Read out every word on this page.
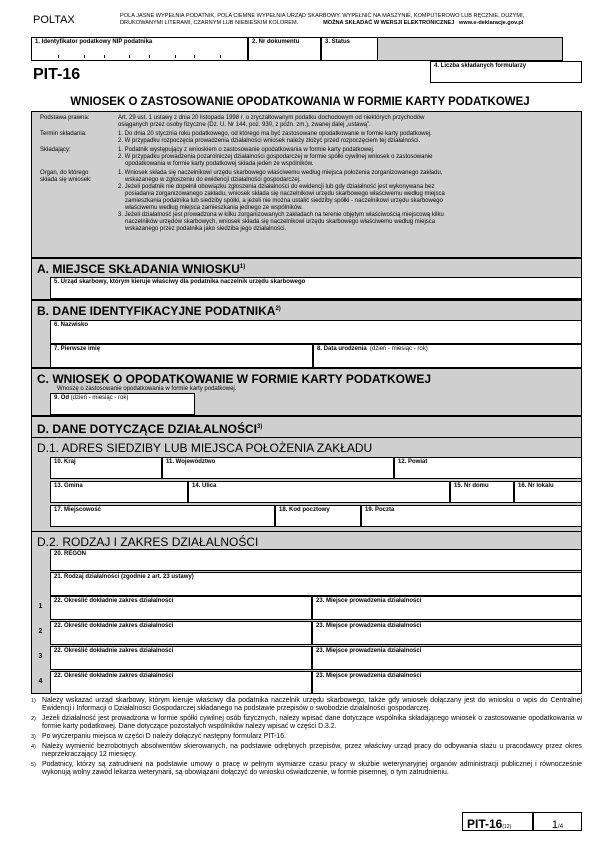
POLTAX	POLA JASNE WYPEŁNIA PODATNIK, POLA CIEMNE WYPEŁNIA URZĄD SKARBOWY. WYPEŁNIĆ NA MASZYNIE, KOMPUTEROWO LUB RĘCZNIE, DUŻYMI,
DRUKOWANYMI LITERAMI, CZARNYM LUB NIEBIESKIM KOLOREM.	MOŻNA SKŁADAĆ W WERSJI ELEKTRONICZNEJ www.e-deklaracje.gov.pl
1. Identyfikator podatkowy NIP podatnika	2. Nr dokumentu	3. Status
PIT-16	4. Liczba składanych formularzy
WNIOSEK O ZASTOSOWANIE OPODATKOWANIA W FORMIE KARTY PODATKOWEJ
Podstawa prawna:	Art. 29 ust. 1 ustawy z dnia 20 listopada 1998 r. o zryczałtowanym podatku dochodowym od niektórych przychodów
osiąganych przez osoby fizyczne (Dz. U. Nr 144, poz. 930, z późn. zm.), zwanej dalej „ustawą”.
Termin składania:	1. Do dnia 20 stycznia roku podatkowego, od którego ma być zastosowane opodatkowanie w formie karty podatkowej.
2. W przypadku rozpoczęcia prowadzenia działalności wniosek należy złożyć przed rozpoczęciem tej działalności.
Składający:	1. Podatnik występujący z wnioskiem o zastosowanie opodatkowania w formie karty podatkowej.
2. W przypadku prowadzenia pozarolniczej działalności gospodarczej w formie spółki cywilnej wniosek o zastosowanie
opodatkowania w formie karty podatkowej składa jeden ze wspólników.
Organ, do którego
składa się wniosek:
1. Wniosek składa się naczelnikowi urzędu skarbowego właściwemu według miejsca położenia zorganizowanego zakładu,
wskazanego w zgłoszeniu do ewidencji działalności gospodarczej.
2. Jeżeli podatnik nie dopełnił obowiązku zgłoszenia działalności do ewidencji lub gdy działalność jest wykonywana bez
posiadania zorganizowanego zakładu, wniosek składa się naczelnikowi urzędu skarbowego właściwemu według miejsca
zamieszkania podatnika lub siedziby spółki, a jeżeli nie można ustalić siedziby spółki - naczelnikowi urzędu skarbowego
właściwemu według miejsca zamieszkania jednego ze wspólników.
3. Jeżeli działalność jest prowadzona w kilku zorganizowanych zakładach na terenie objętym właściwością miejscową kilku
naczelników urzędów skarbowych, wniosek składa się naczelnikowi urzędu skarbowego właściwemu według miejsca
wskazanego przez podatnika jako siedziba jego działalności.
A. MIEJSCE SKŁADANIA WNIOSKU$^{1)}$
5. Urząd skarbowy, którym kieruje właściwy dla podatnika naczelnik urzędu skarbowego
B. DANE IDENTYFIKACYJNE PODATNIKA$^{2)}$
6. Nazwisko
7. Pierwsze imię	8. Data urodzenia (dzień - miesiąc - rok)
C. WNIOSEK O OPODATKOWANIE W FORMIE KARTY PODATKOWEJ
Wnoszę o zastosowanie opodatkowania w formie karty podatkowej.
9. Od (dzień - miesiąc - rok)
D. DANE DOTYCZĄCE DZIAŁALNOŚCI$^{3)}$
D.1. ADRES SIEDZIBY LUB MIEJSCA POŁOŻENIA ZAKŁADU
10. Kraj	11. Województwo	12. Powiat
13. Gmina	14. Ulica	15. Nr domu	16. Nr lokalu
17. Miejscowość	18. Kod pocztowy	19. Poczta
D.2. RODZAJ I ZAKRES DZIAŁALNOŚCI
20. REGON
21. Rodzaj działalności (zgodnie z art. 23 ustawy)
1
22. Określić dokładnie zakres działalności	23. Miejsce prowadzenia działalności
2
22. Określić dokładnie zakres działalności	23. Miejsce prowadzenia działalności
3
22. Określić dokładnie zakres działalności	23. Miejsce prowadzenia działalności
4
22. Określić dokładnie zakres działalności	23. Miejsce prowadzenia działalności
1) Należy wskazać urząd skarbowy, którym kieruje właściwy dla podatnika naczelnik urzędu skarbowego, także gdy wniosek dołączany jest do wniosku o wpis do Centralnej Ewidencji i Informacji o Działalności Gospodarczej składanego na podstawie przepisów o swobodzie działalności gospodarczej.
2) Jeżeli działalność jest prowadzona w formie spółki cywilnej osób fizycznych, należy wpisać dane dotyczące wspólnika składającego wniosek o zastosowanie opodatkowania w formie karty podatkowej. Dane dotyczące pozostałych wspólników należy wpisać w części D.3.2.
3) Po wyczerpaniu miejsca w części D należy dołączyć następny formularz PIT-16.
4) Należy wymienić bezrobotnych absolwentów skierowanych, na podstawie odrębnych przepisów, przez właściwy urząd pracy do odbywania stażu u pracodawcy przez okres nieprzekraczający 12 miesięcy.
5) Podatnicy, którzy są zatrudnieni na podstawie umowy o pracę w pełnym wymiarze czasu pracy w służbie weterynaryjnej organów administracji publicznej i równocześnie wykonują wolny zawód lekarza weterynarii, są obowiązani dołączyć do wniosku oświadczenie, w formie pisemnej, o tym zatrudnieniu.
PIT-16(12)	1/4
